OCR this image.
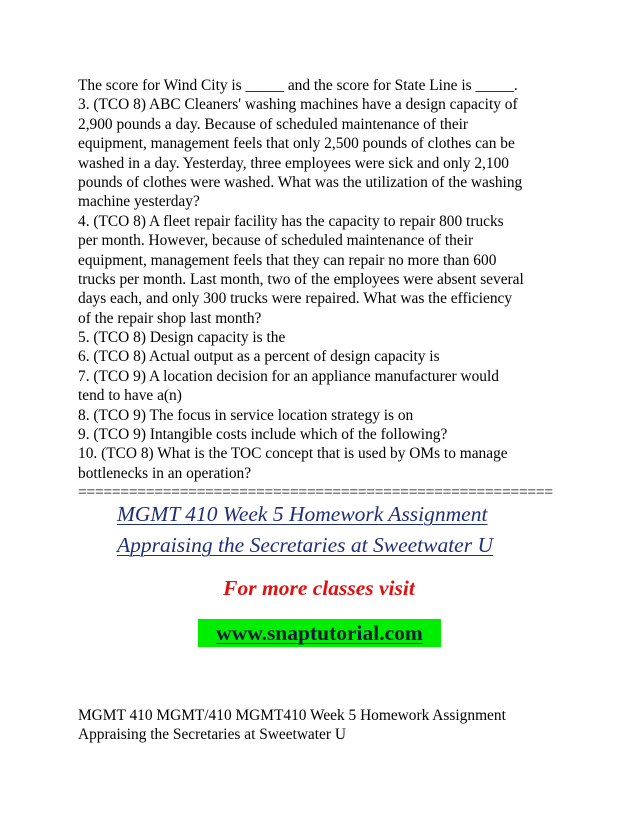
The score for Wind City is _____ and the score for State Line is _____.
3. (TCO 8) ABC Cleaners' washing machines have a design capacity of
2,900 pounds a day. Because of scheduled maintenance of their
equipment, management feels that only 2,500 pounds of clothes can be
washed in a day. Yesterday, three employees were sick and only 2,100
pounds of clothes were washed. What was the utilization of the washing
machine yesterday?
4. (TCO 8) A fleet repair facility has the capacity to repair 800 trucks
per month. However, because of scheduled maintenance of their
equipment, management feels that they can repair no more than 600
trucks per month. Last month, two of the employees were absent several
days each, and only 300 trucks were repaired. What was the efficiency
of the repair shop last month?
5. (TCO 8) Design capacity is the
6. (TCO 8) Actual output as a percent of design capacity is
7. (TCO 9) A location decision for an appliance manufacturer would
tend to have a(n)
8. (TCO 9) The focus in service location strategy is on
9. (TCO 9) Intangible costs include which of the following?
10. (TCO 8) What is the TOC concept that is used by OMs to manage
bottlenecks in an operation?
========================================================
MGMT 410 Week 5 Homework Assignment
Appraising the Secretaries at Sweetwater U
For more classes visit
www.snaptutorial.com
MGMT 410 MGMT/410 MGMT410 Week 5 Homework Assignment
Appraising the Secretaries at Sweetwater U
